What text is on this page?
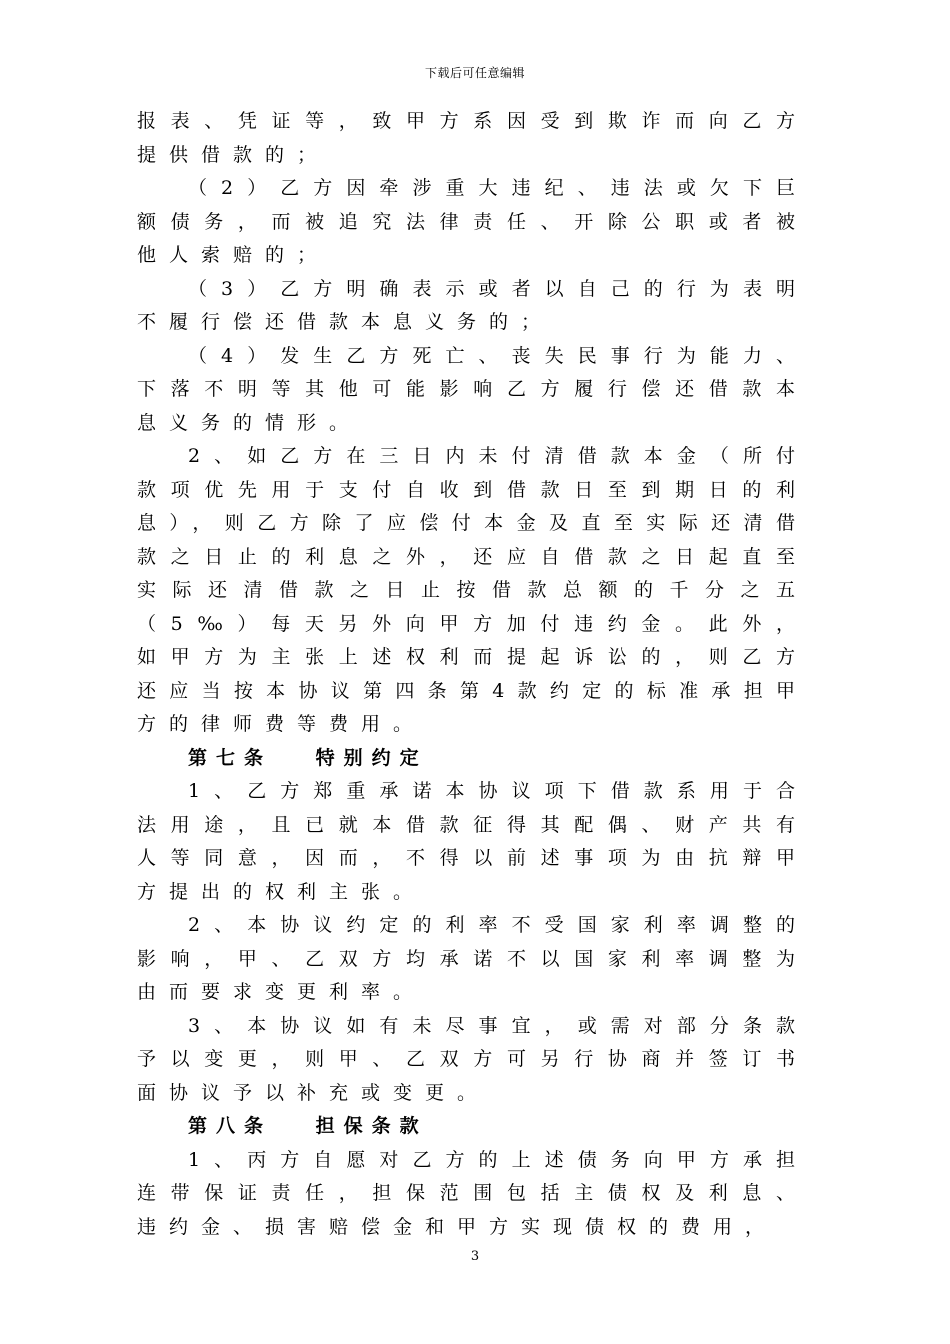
下载后可任意编辑

报表、凭证等，致甲方系因受到欺诈而向乙方提供借款的；

（2）乙方因牵涉重大违纪、违法或欠下巨额债务，而被追究法律责任、开除公职或者被他人索赔的；

（3）乙方明确表示或者以自己的行为表明不履行偿还借款本息义务的；

（4）发生乙方死亡、丧失民事行为能力、下落不明等其他可能影响乙方履行偿还借款本息义务的情形。

2、如乙方在三日内未付清借款本金（所付款项优先用于支付自收到借款日至到期日的利息），则乙方除了应偿付本金及直至实际还清借款之日止的利息之外，还应自借款之日起直至实际还清借款之日止按借款总额的千分之五（5‰）每天另外向甲方加付违约金。此外，如甲方为主张上述权利而提起诉讼的，则乙方还应当按本协议第四条第4款约定的标准承担甲方的律师费等费用。

第七条　 特别约定

1、乙方郑重承诺本协议项下借款系用于合法用途，且已就本借款征得其配偶、财产共有人等同意，因而，不得以前述事项为由抗辩甲方提出的权利主张。

2、本协议约定的利率不受国家利率调整的影响，甲、乙双方均承诺不以国家利率调整为由而要求变更利率。

3、本协议如有未尽事宜，或需对部分条款予以变更，则甲、乙双方可另行协商并签订书面协议予以补充或变更。

第八条　 担保条款

1、丙方自愿对乙方的上述债务向甲方承担连带保证责任，担保范围包括主债权及利息、违约金、损害赔偿金和甲方实现债权的费用，

3
